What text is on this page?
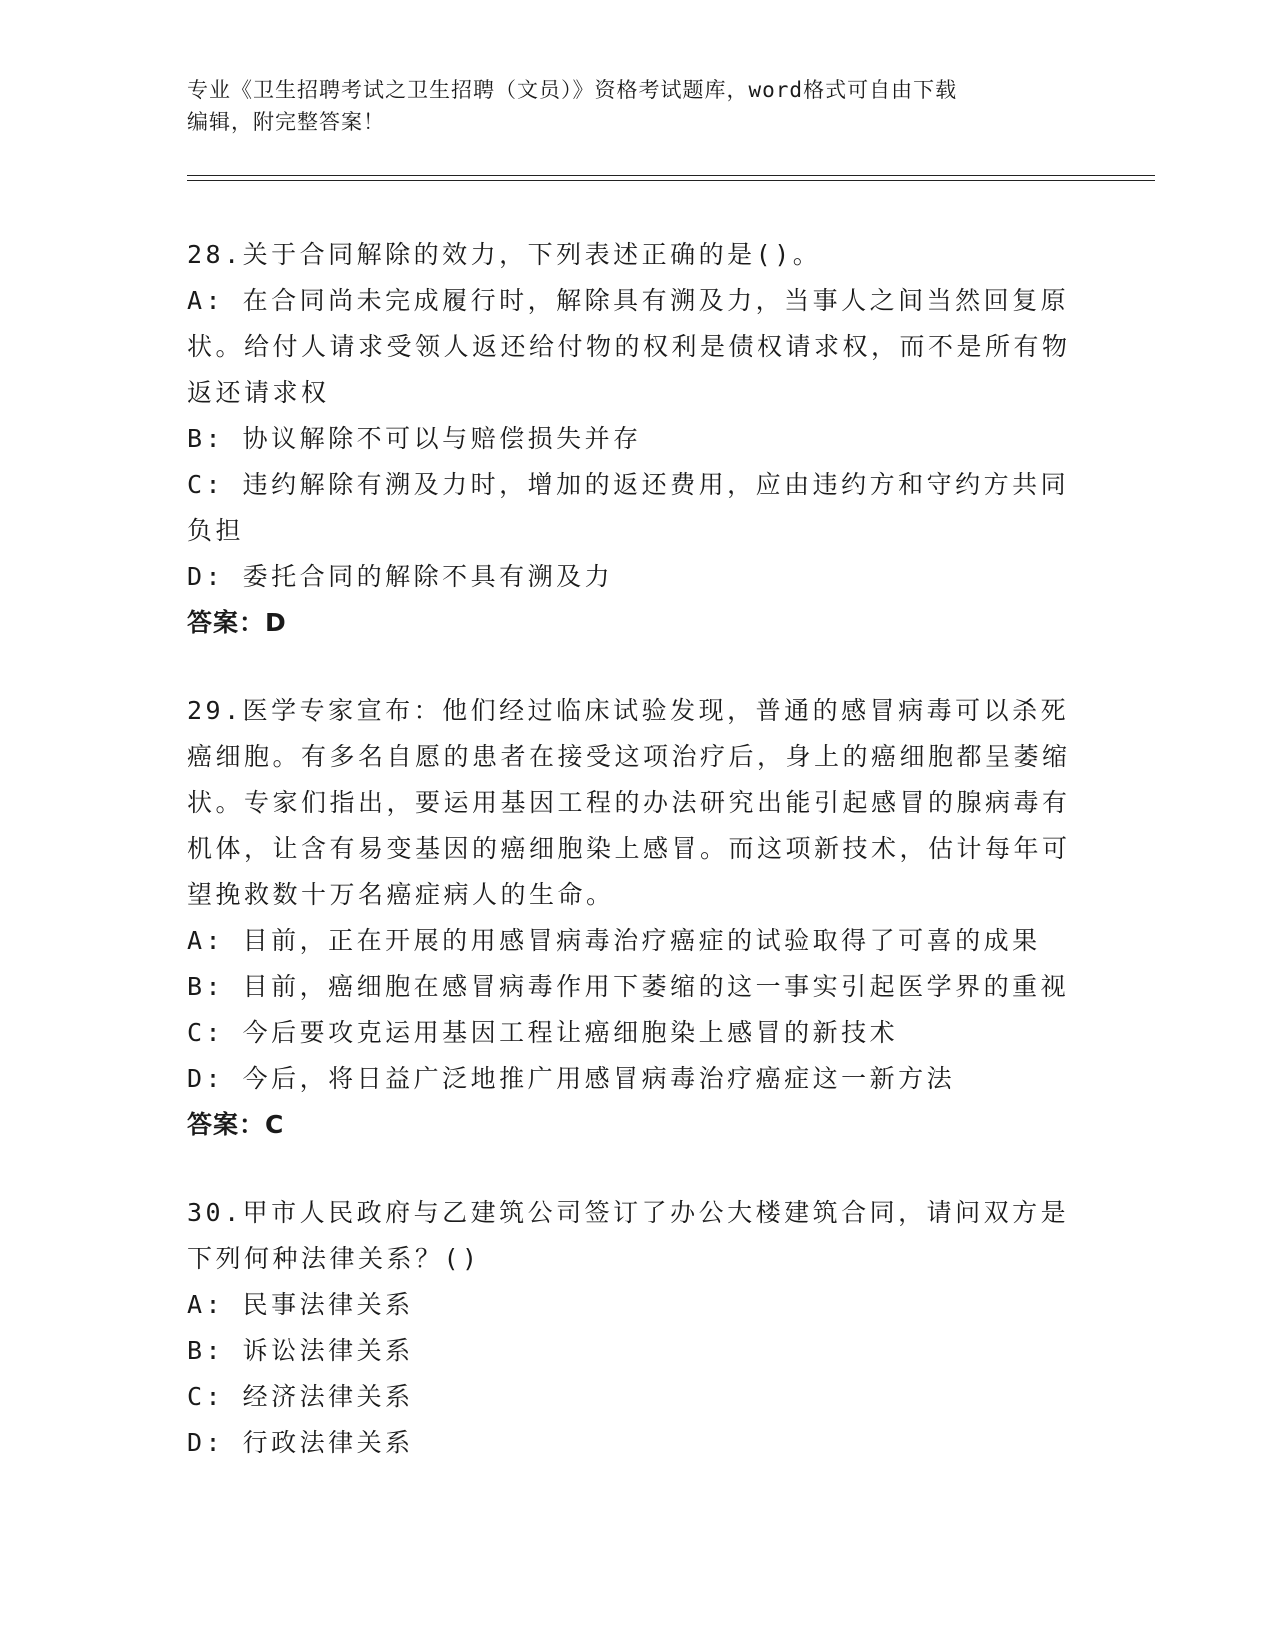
专业《卫生招聘考试之卫生招聘（文员）》资格考试题库，word格式可自由下载
编辑，附完整答案！

28.关于合同解除的效力，下列表述正确的是()。

A: 在合同尚未完成履行时，解除具有溯及力，当事人之间当然回复原状。给付人请求受领人返还给付物的权利是债权请求权，而不是所有物返还请求权

B: 协议解除不可以与赔偿损失并存

C: 违约解除有溯及力时，增加的返还费用，应由违约方和守约方共同负担

D: 委托合同的解除不具有溯及力

答案：D

29.医学专家宣布：他们经过临床试验发现，普通的感冒病毒可以杀死癌细胞。有多名自愿的患者在接受这项治疗后，身上的癌细胞都呈萎缩状。专家们指出，要运用基因工程的办法研究出能引起感冒的腺病毒有机体，让含有易变基因的癌细胞染上感冒。而这项新技术，估计每年可望挽救数十万名癌症病人的生命。

A: 目前，正在开展的用感冒病毒治疗癌症的试验取得了可喜的成果

B: 目前，癌细胞在感冒病毒作用下萎缩的这一事实引起医学界的重视

C: 今后要攻克运用基因工程让癌细胞染上感冒的新技术

D: 今后，将日益广泛地推广用感冒病毒治疗癌症这一新方法

答案：C

30.甲市人民政府与乙建筑公司签订了办公大楼建筑合同，请问双方是下列何种法律关系？()

A: 民事法律关系

B: 诉讼法律关系

C: 经济法律关系

D: 行政法律关系
